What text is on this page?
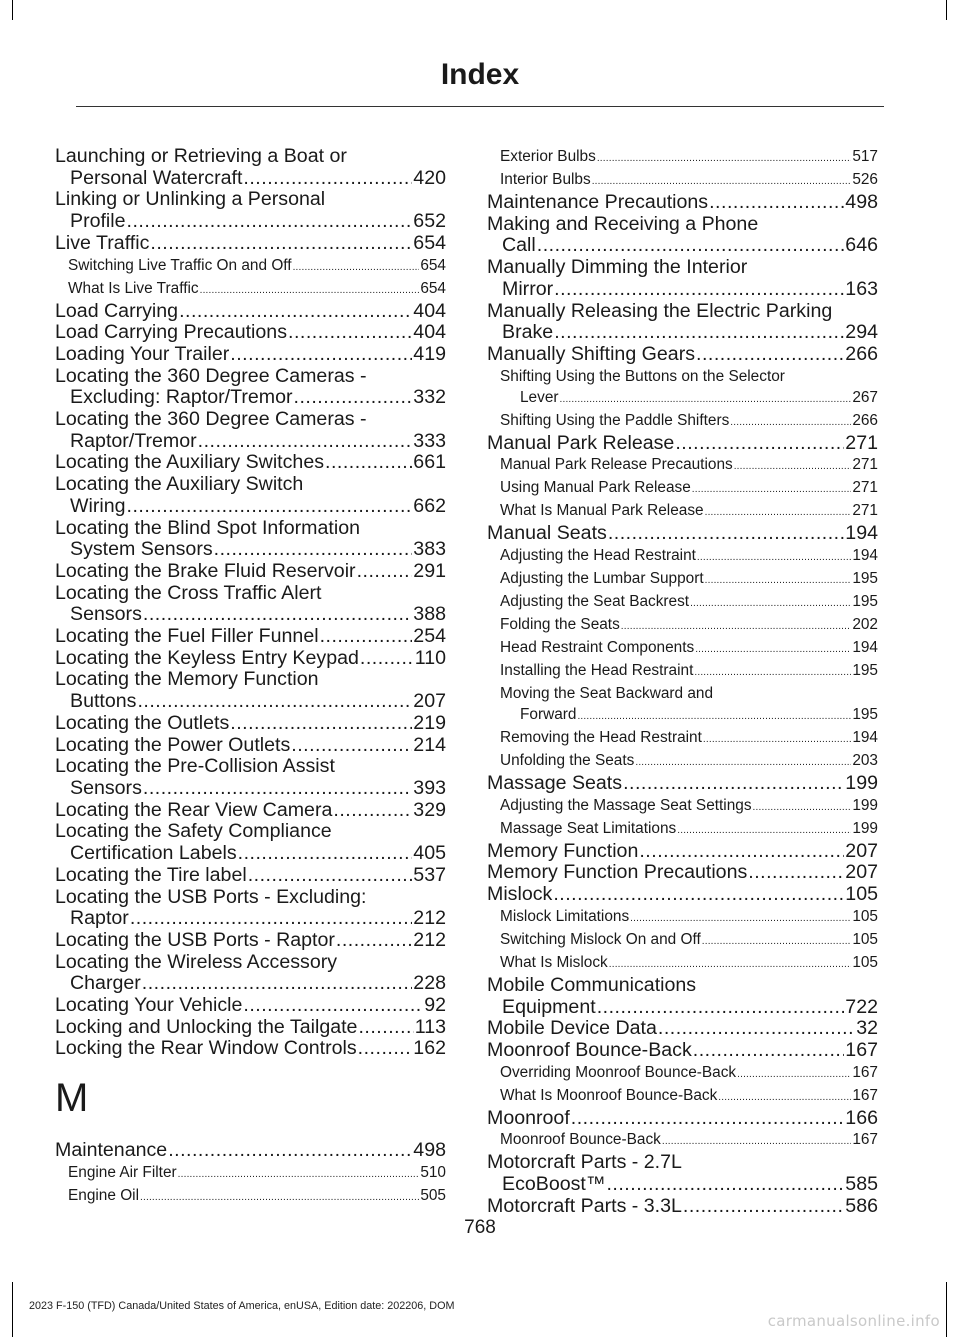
Index
Launching or Retrieving a Boat or
Personal Watercraft .....	420
Linking or Unlinking a Personal
Profile .....	652
Live Traffic .....	654
Switching Live Traffic On and Off .....	654
What Is Live Traffic .....	654
Load Carrying .....	404
Load Carrying Precautions .....	404
Loading Your Trailer .....	419
Locating the 360 Degree Cameras -
Excluding: Raptor/Tremor .....	332
Locating the 360 Degree Cameras -
Raptor/Tremor .....	333
Locating the Auxiliary Switches .....	661
Locating the Auxiliary Switch
Wiring .....	662
Locating the Blind Spot Information
System Sensors .....	383
Locating the Brake Fluid Reservoir .....	291
Locating the Cross Traffic Alert
Sensors .....	388
Locating the Fuel Filler Funnel .....	254
Locating the Keyless Entry Keypad .....	110
Locating the Memory Function
Buttons .....	207
Locating the Outlets .....	219
Locating the Power Outlets .....	214
Locating the Pre-Collision Assist
Sensors .....	393
Locating the Rear View Camera .....	329
Locating the Safety Compliance
Certification Labels .....	405
Locating the Tire label .....	537
Locating the USB Ports - Excluding:
Raptor .....	212
Locating the USB Ports - Raptor .....	212
Locating the Wireless Accessory
Charger .....	228
Locating Your Vehicle .....	92
Locking and Unlocking the Tailgate .....	113
Locking the Rear Window Controls .....	162
M
Maintenance .....	498
Engine Air Filter .....	510
Engine Oil .....	505
Exterior Bulbs .....	517
Interior Bulbs .....	526
Maintenance Precautions .....	498
Making and Receiving a Phone
Call .....	646
Manually Dimming the Interior
Mirror .....	163
Manually Releasing the Electric Parking
Brake .....	294
Manually Shifting Gears .....	266
Shifting Using the Buttons on the Selector
Lever .....	267
Shifting Using the Paddle Shifters .....	266
Manual Park Release .....	271
Manual Park Release Precautions .....	271
Using Manual Park Release .....	271
What Is Manual Park Release .....	271
Manual Seats .....	194
Adjusting the Head Restraint .....	194
Adjusting the Lumbar Support .....	195
Adjusting the Seat Backrest .....	195
Folding the Seats .....	202
Head Restraint Components .....	194
Installing the Head Restraint .....	195
Moving the Seat Backward and
Forward .....	195
Removing the Head Restraint .....	194
Unfolding the Seats .....	203
Massage Seats .....	199
Adjusting the Massage Seat Settings .....	199
Massage Seat Limitations .....	199
Memory Function .....	207
Memory Function Precautions .....	207
Mislock .....	105
Mislock Limitations .....	105
Switching Mislock On and Off .....	105
What Is Mislock .....	105
Mobile Communications
Equipment .....	722
Mobile Device Data .....	32
Moonroof Bounce-Back .....	167
Overriding Moonroof Bounce-Back .....	167
What Is Moonroof Bounce-Back .....	167
Moonroof .....	166
Moonroof Bounce-Back .....	167
Motorcraft Parts - 2.7L
EcoBoost™ .....	585
Motorcraft Parts - 3.3L .....	586
768
2023 F-150 (TFD) Canada/United States of America, enUSA, Edition date: 202206, DOM
carmanualsonline.info
